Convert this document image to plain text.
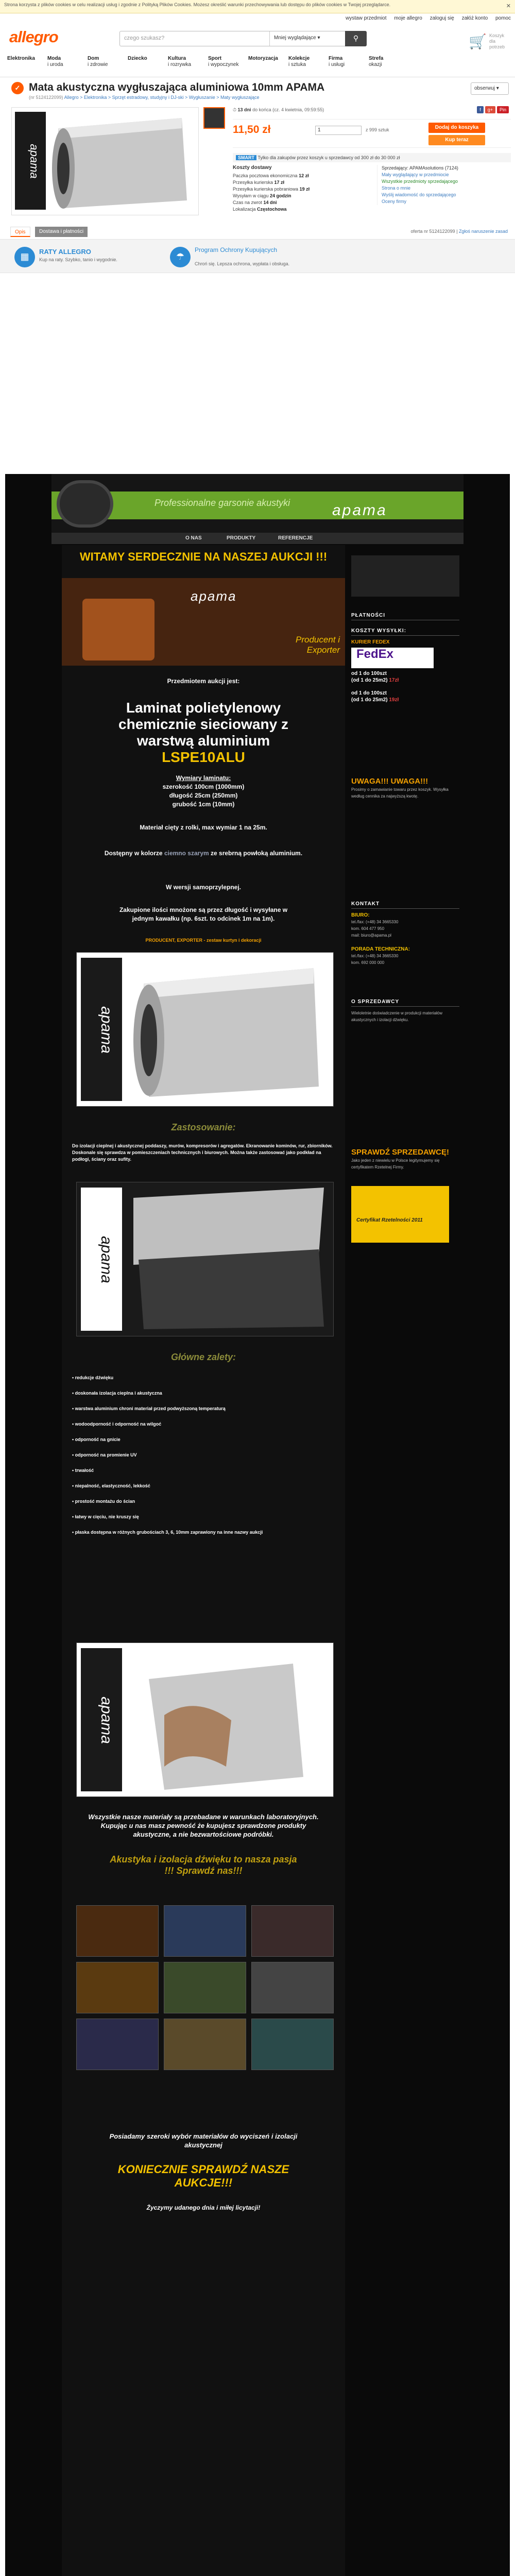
Strona korzysta z plików cookies w celu realizacji usług i zgodnie z Polityką Plików Cookies. Możesz określić warunki przechowywania lub dostępu do plików cookies w Twojej przeglądarce.	✕
wystaw przedmiot moje allegro zaloguj się załóż konto pomoc
allegro	czego szukasz?	Mniej wyglądające ▾	⚲	🛒 Koszyk dla potrzeb
Elektronika Moda
i uroda
Dom
i zdrowie
Dziecko	Kultura
i rozrywka
Sport
i wypoczynek
Motoryzacja Kolekcje
i sztuka
Firma
i usługi
Strefa
okazji
✓ Mata akustyczna wygłuszająca aluminiowa 10mm APAMA
(nr 5124122099) Allegro > Elektronika > Sprzęt estradowy, studyjny i DJ-ski > Wygłuszanie > Maty wygłuszające
obserwuj ▾
apama
⏱ 13 dni do końca (cz. 4 kwietnia, 09:59:55)
11,50 zł	1	z 999 sztuk	Dodaj do koszyka
Kup teraz
SMART Tylko dla zakupów przez koszyk u sprzedawcy od 300 zł do 30 000 zł
Koszty dostawy
Paczka pocztowa ekonomiczna 12 zł
Przesyłka kurierska 17 zł
Przesyłka kurierska pobraniowa 19 zł
Wysyłam w ciągu 24 godzin
Czas na zwrot 14 dni
Lokalizacja Częstochowa
Sprzedający: APAMAsolutions (7124)
Mały wyglądający w przedmiocie
Wszystkie przedmioty sprzedającego
Strona o mnie
Wyślij wiadomość do sprzedającego
Oceny firmy
f g+ Pin
Opis	Dostawa i płatności	oferta nr 5124122099 | Zgłoś naruszenie zasad
▦	RATY ALLEGRO
Kup na raty. Szybko, tanio i wygodnie.	☂
Program Ochrony Kupujących
Chroń się. Lepsza ochrona, wypłata i obsługa.
Professionalne garsonie akustyki	apama
O NAS	PRODUKTY	REFERENCJE
WITAMY SERDECZNIE NA NASZEJ AUKCJI !!!
apama
Producent i Exporter
Przedmiotem aukcji jest:
Laminat polietylenowy
chemicznie sieciowany z
warstwą aluminium
LSPE10ALU
Wymiary laminatu:
szerokość 100cm (1000mm)
długość 25cm (250mm)
grubość 1cm (10mm)
Materiał cięty z rolki, max wymiar 1 na 25m.
Dostępny w kolorze ciemno szarym ze srebrną powłoką aluminium.
W wersji samoprzylepnej.
Zakupione ilości mnożone są przez długość i wysyłane w jednym kawałku (np. 6szt. to odcinek 1m na 1m).
PRODUCENT, EXPORTER - zestaw kurtyn i dekoracji
apama
Zastosowanie:
Do izolacji cieplnej i akustycznej poddaszy, murów, kompresorów i agregatów. Ekranowanie kominów, rur, zbiorników. Doskonale się sprawdza w pomieszczeniach technicznych i biurowych. Można także zastosować jako podkład na podłogi, ściany oraz sufity.
apama
Główne zalety:
• redukcje dźwięku
• doskonała izolacja cieplna i akustyczna
• warstwa aluminium chroni materiał przed podwyższoną temperaturą
• wodoodporność i odporność na wilgoć
• odporność na gnicie
• odporność na promienie UV
• trwałość
• niepalność, elastyczność, lekkość
• prostość montażu do ścian
• łatwy w cięciu, nie kruszy się
• płaska dostępna w różnych grubościach 3, 6, 10mm zaprawiony na inne nazwy aukcji
apama
Wszystkie nasze materiały są przebadane w warunkach laboratoryjnych. Kupując u nas masz pewność że kupujesz sprawdzone produkty akustyczne, a nie bezwartościowe podróbki.
Akustyka i izolacja dźwięku to nasza pasja !!! Sprawdź nas!!!
Posiadamy szeroki wybór materiałów do wyciszeń i izolacji akustycznej
KONIECZNIE SPRAWDŹ NASZE AUKCJE!!!
Życzymy udanego dnia i miłej licytacji!
PŁATNOŚCI
KOSZTY WYSYŁKI:
KURIER FEDEX
FedEx
od 1 do 100szt
(od 1 do 25m2) 17zł
od 1 do 100szt
(od 1 do 25m2) 19zł
UWAGA!!! UWAGA!!!
Prosimy o zamawianie towaru przez koszyk. Wysyłka według cennika za najwyższą kwotę.
KONTAKT
BIURO:
tel./fax: (+48) 34 3665330
kom. 604 477 950
mail: biuro@apama.pl
PORADA TECHNICZNA:
tel./fax: (+48) 34 3665330
kom. 692 000 000
O SPRZEDAWCY
Wieloletnie doświadczenie w produkcji materiałów akustycznych i izolacji dźwięku.
SPRAWDŹ SPRZEDAWCĘ!
Jako jeden z niewielu w Polsce legitymujemy się certyfikatem Rzetelnej Firmy.
Certyfikat Rzetelności 2011
